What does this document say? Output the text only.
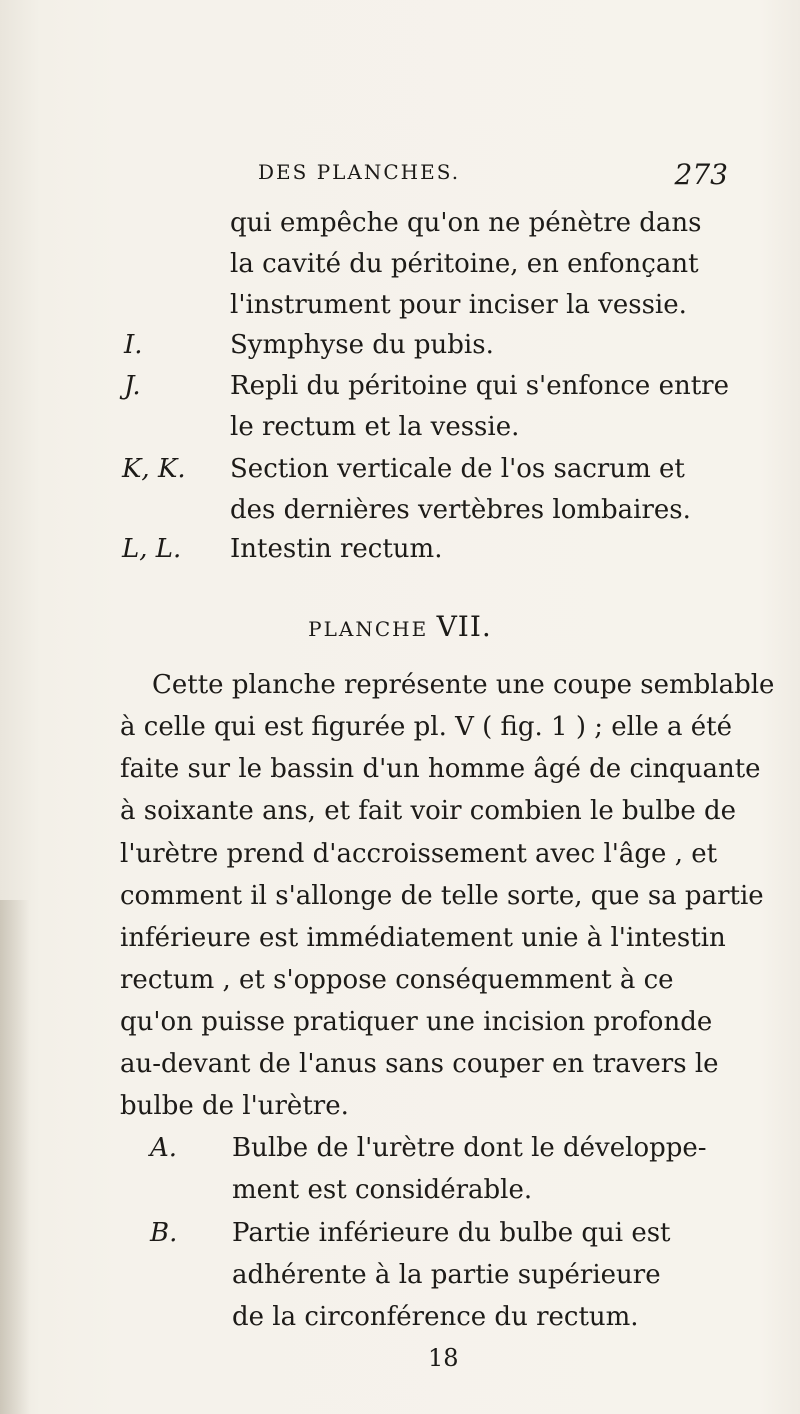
DES PLANCHES.	273
qui empêche qu'on ne pénètre dans
la cavité du péritoine, en enfonçant
l'instrument pour inciser la vessie.
I.	Symphyse du pubis.
J.	Repli du péritoine qui s'enfonce entre
le rectum et la vessie.
K, K. Section verticale de l'os sacrum et
des dernières vertèbres lombaires.
L, L. Intestin rectum.
PLANCHE VII.
Cette planche représente une coupe semblable
à celle qui est figurée pl. V ( fig. 1 ) ; elle a été
faite sur le bassin d'un homme âgé de cinquante
à soixante ans, et fait voir combien le bulbe de
l'urètre prend d'accroissement avec l'âge , et
comment il s'allonge de telle sorte, que sa partie
inférieure est immédiatement unie à l'intestin
rectum , et s'oppose conséquemment à ce
qu'on puisse pratiquer une incision profonde
au-devant de l'anus sans couper en travers le
bulbe de l'urètre.
A. Bulbe de l'urètre dont le développe-
ment est considérable.
B. Partie inférieure du bulbe qui est
adhérente à la partie supérieure
de la circonférence du rectum.
18
